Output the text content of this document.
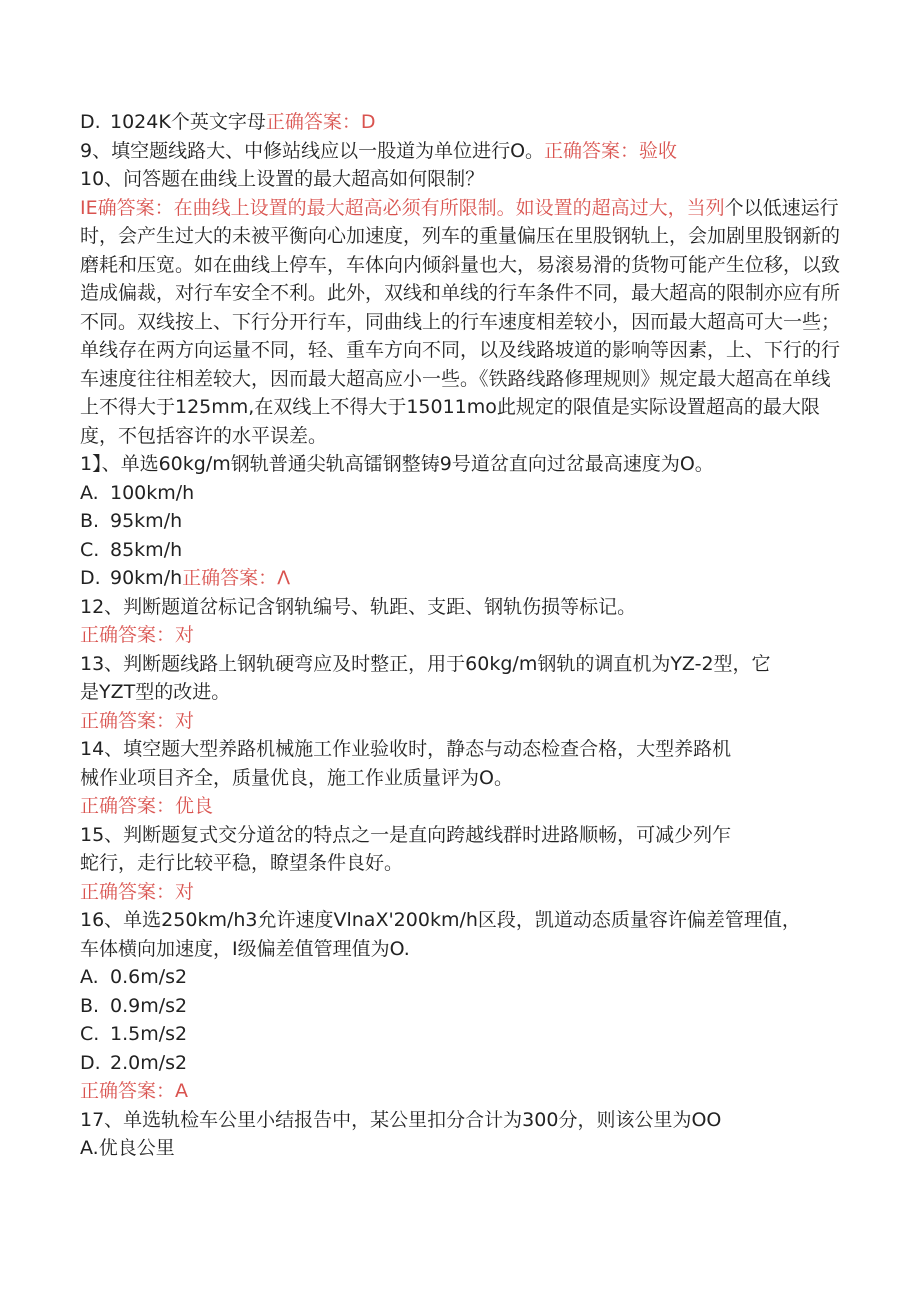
D. 1024K个英文字母正确答案：D
9、填空题线路大、中修站线应以一股道为单位进行O。正确答案：验收
10、问答题在曲线上设置的最大超高如何限制？
IE确答案：在曲线上设置的最大超高必须有所限制。如设置的超高过大，当列个以低速运行时，会产生过大的未被平衡向心加速度，列车的重量偏压在里股钢轨上，会加剧里股钢新的磨耗和压宽。如在曲线上停车，车体向内倾斜量也大，易滚易滑的货物可能产生位移，以致造成偏裁，对行车安全不利。此外，双线和单线的行车条件不同，最大超高的限制亦应有所不同。双线按上、下行分开行车，同曲线上的行车速度相差较小，因而最大超高可大一些；单线存在两方向运量不同，轻、重车方向不同，以及线路坡道的影响等因素，上、下行的行车速度往往相差较大，因而最大超高应小一些。《铁路线路修理规则》规定最大超高在单线上不得大于125mm,在双线上不得大于15011mo此规定的限值是实际设置超高的最大限度，不包括容许的水平误差。
1】、单选60kg∕m钢轨普通尖轨高镭钢整铸9号道岔直向过岔最高速度为O。
A. 100km∕h
B. 95km∕h
C. 85km∕h
D. 90km∕h正确答案：Λ
12、判断题道岔标记含钢轨编号、轨距、支距、钢轨伤损等标记。
正确答案：对
13、判断题线路上钢轨硬弯应及时整正，用于60kg∕m钢轨的调直机为YZ-2型，它
是YZT型的改进。
正确答案：对
14、填空题大型养路机械施工作业验收时，静态与动态检查合格，大型养路机
械作业项目齐全，质量优良，施工作业质量评为O。
正确答案：优良
15、判断题复式交分道岔的特点之一是直向跨越线群时进路顺畅，可减少列乍
蛇行，走行比较平稳，瞭望条件良好。
正确答案：对
16、单选250km∕h3允许速度VlnaX'200km∕h区段，凯道动态质量容许偏差管理值，
车体横向加速度，I级偏差值管理值为O.
A. 0.6m∕s2
B. 0.9m∕s2
C. 1.5m∕s2
D. 2.0m∕s2
正确答案：A
17、单选轨检车公里小结报告中，某公里扣分合计为300分，则该公里为OO
A.优良公里
